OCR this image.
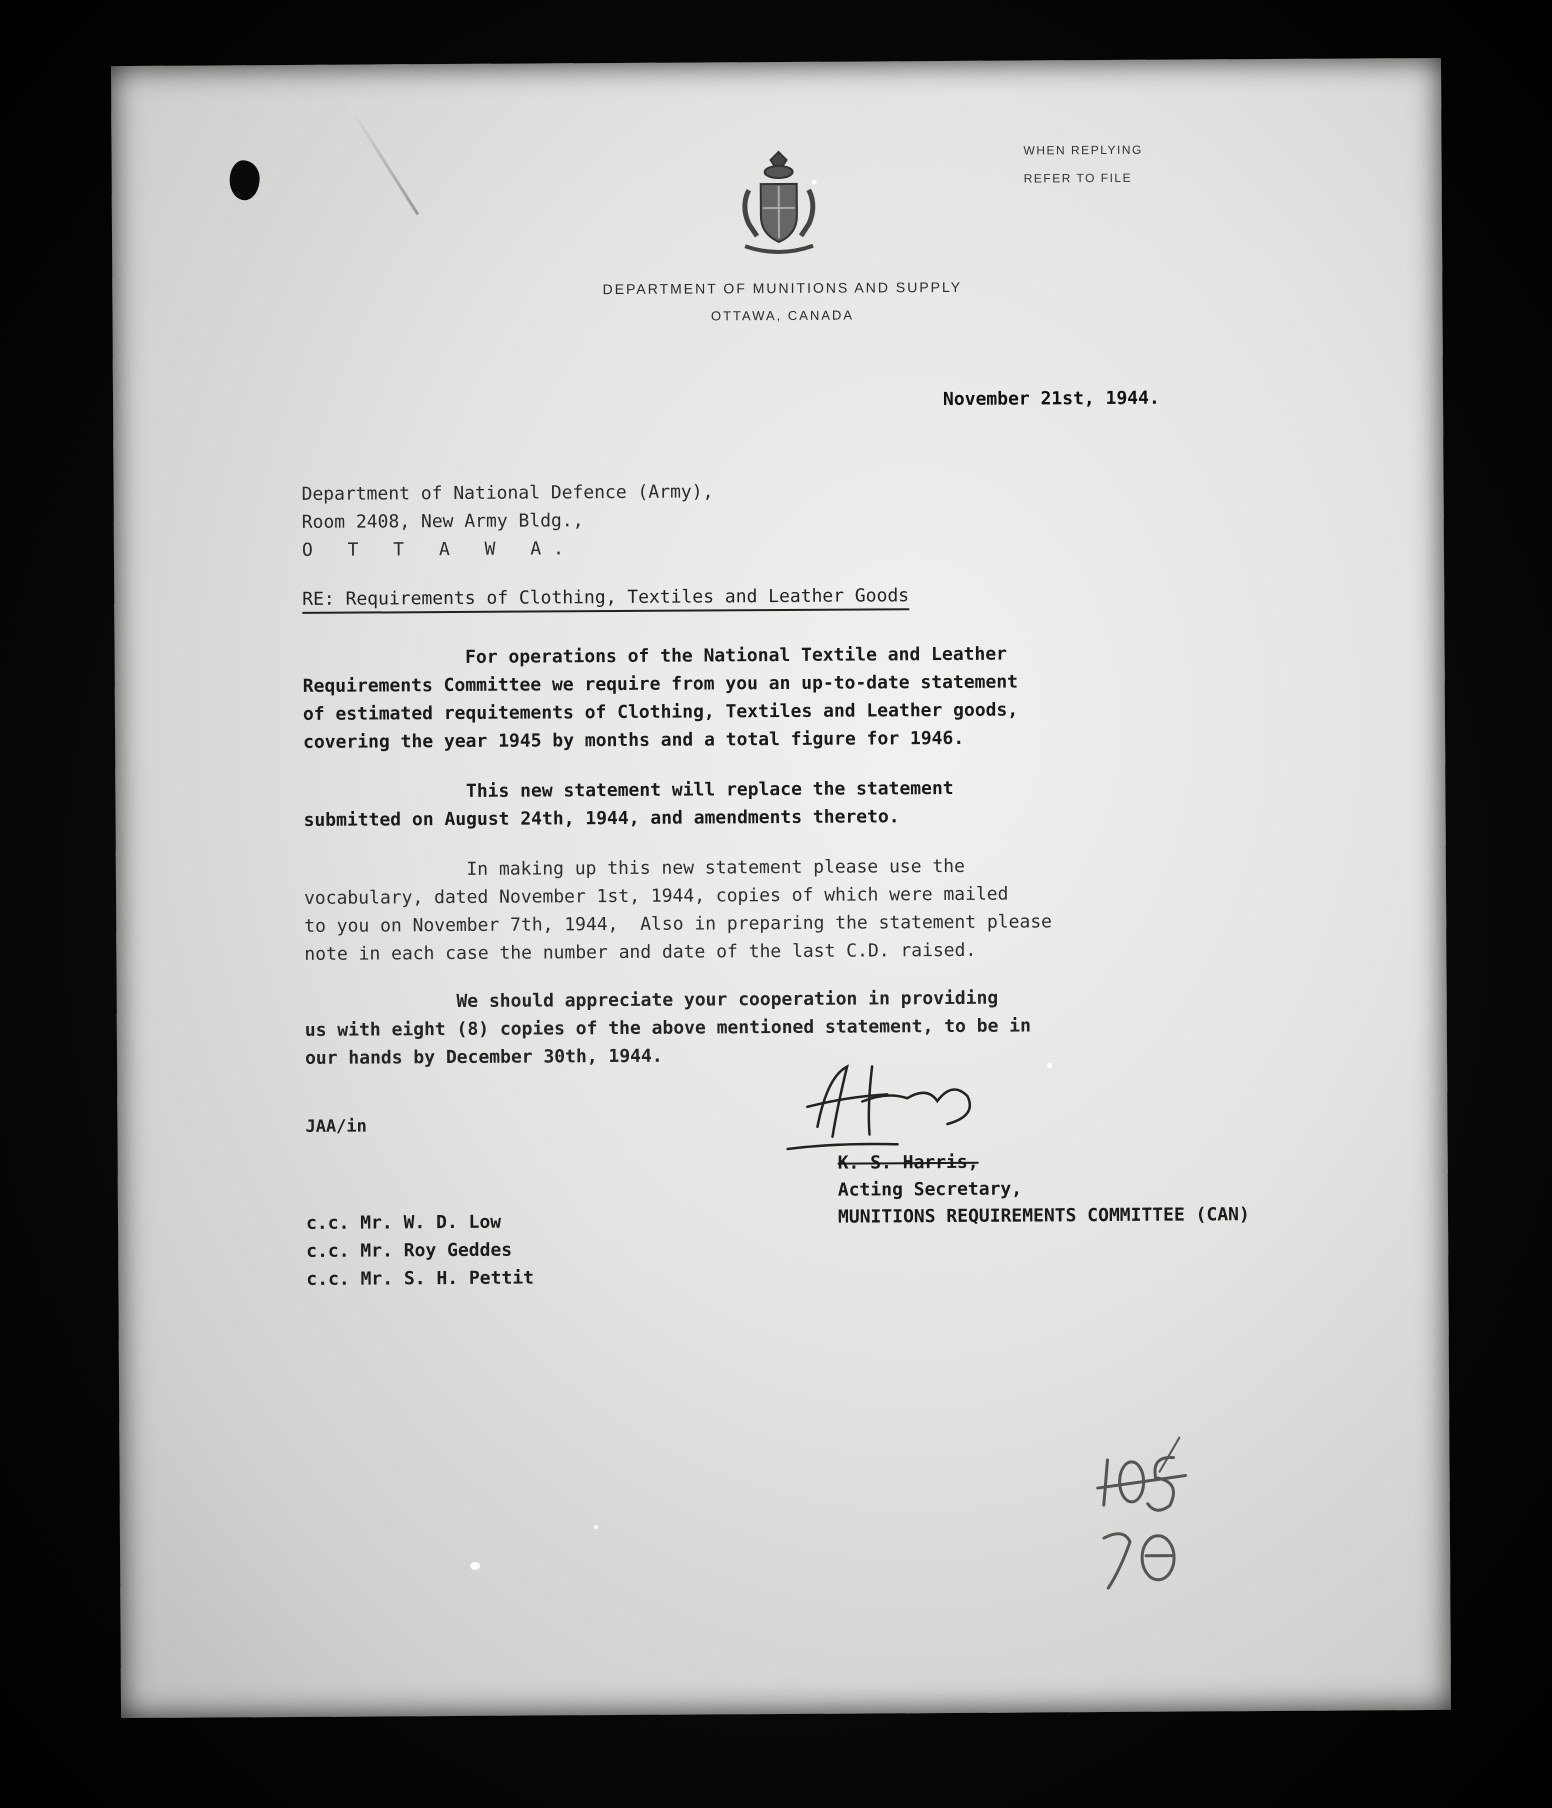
WHEN REPLYING
REFER TO FILE
DEPARTMENT OF MUNITIONS AND SUPPLY
OTTAWA, CANADA
November 21st, 1944.
Department of National Defence (Army),
Room 2408, New Army Bldg.,
O T T A W A.
RE: Requirements of Clothing, Textiles and Leather Goods
For operations of the National Textile and Leather
Requirements Committee we require from you an up-to-date statement
of estimated requitements of Clothing, Textiles and Leather goods,
covering the year 1945 by months and a total figure for 1946.
This new statement will replace the statement
submitted on August 24th, 1944, and amendments thereto.
In making up this new statement please use the
vocabulary, dated November 1st, 1944, copies of which were mailed
to you on November 7th, 1944,  Also in preparing the statement please
note in each case the number and date of the last C.D. raised.
We should appreciate your cooperation in providing
us with eight (8) copies of the above mentioned statement, to be in
our hands by December 30th, 1944.
JAA/in
K. S. Harris,
Acting Secretary,
MUNITIONS REQUIREMENTS COMMITTEE (CAN)
c.c. Mr. W. D. Low
c.c. Mr. Roy Geddes
c.c. Mr. S. H. Pettit
